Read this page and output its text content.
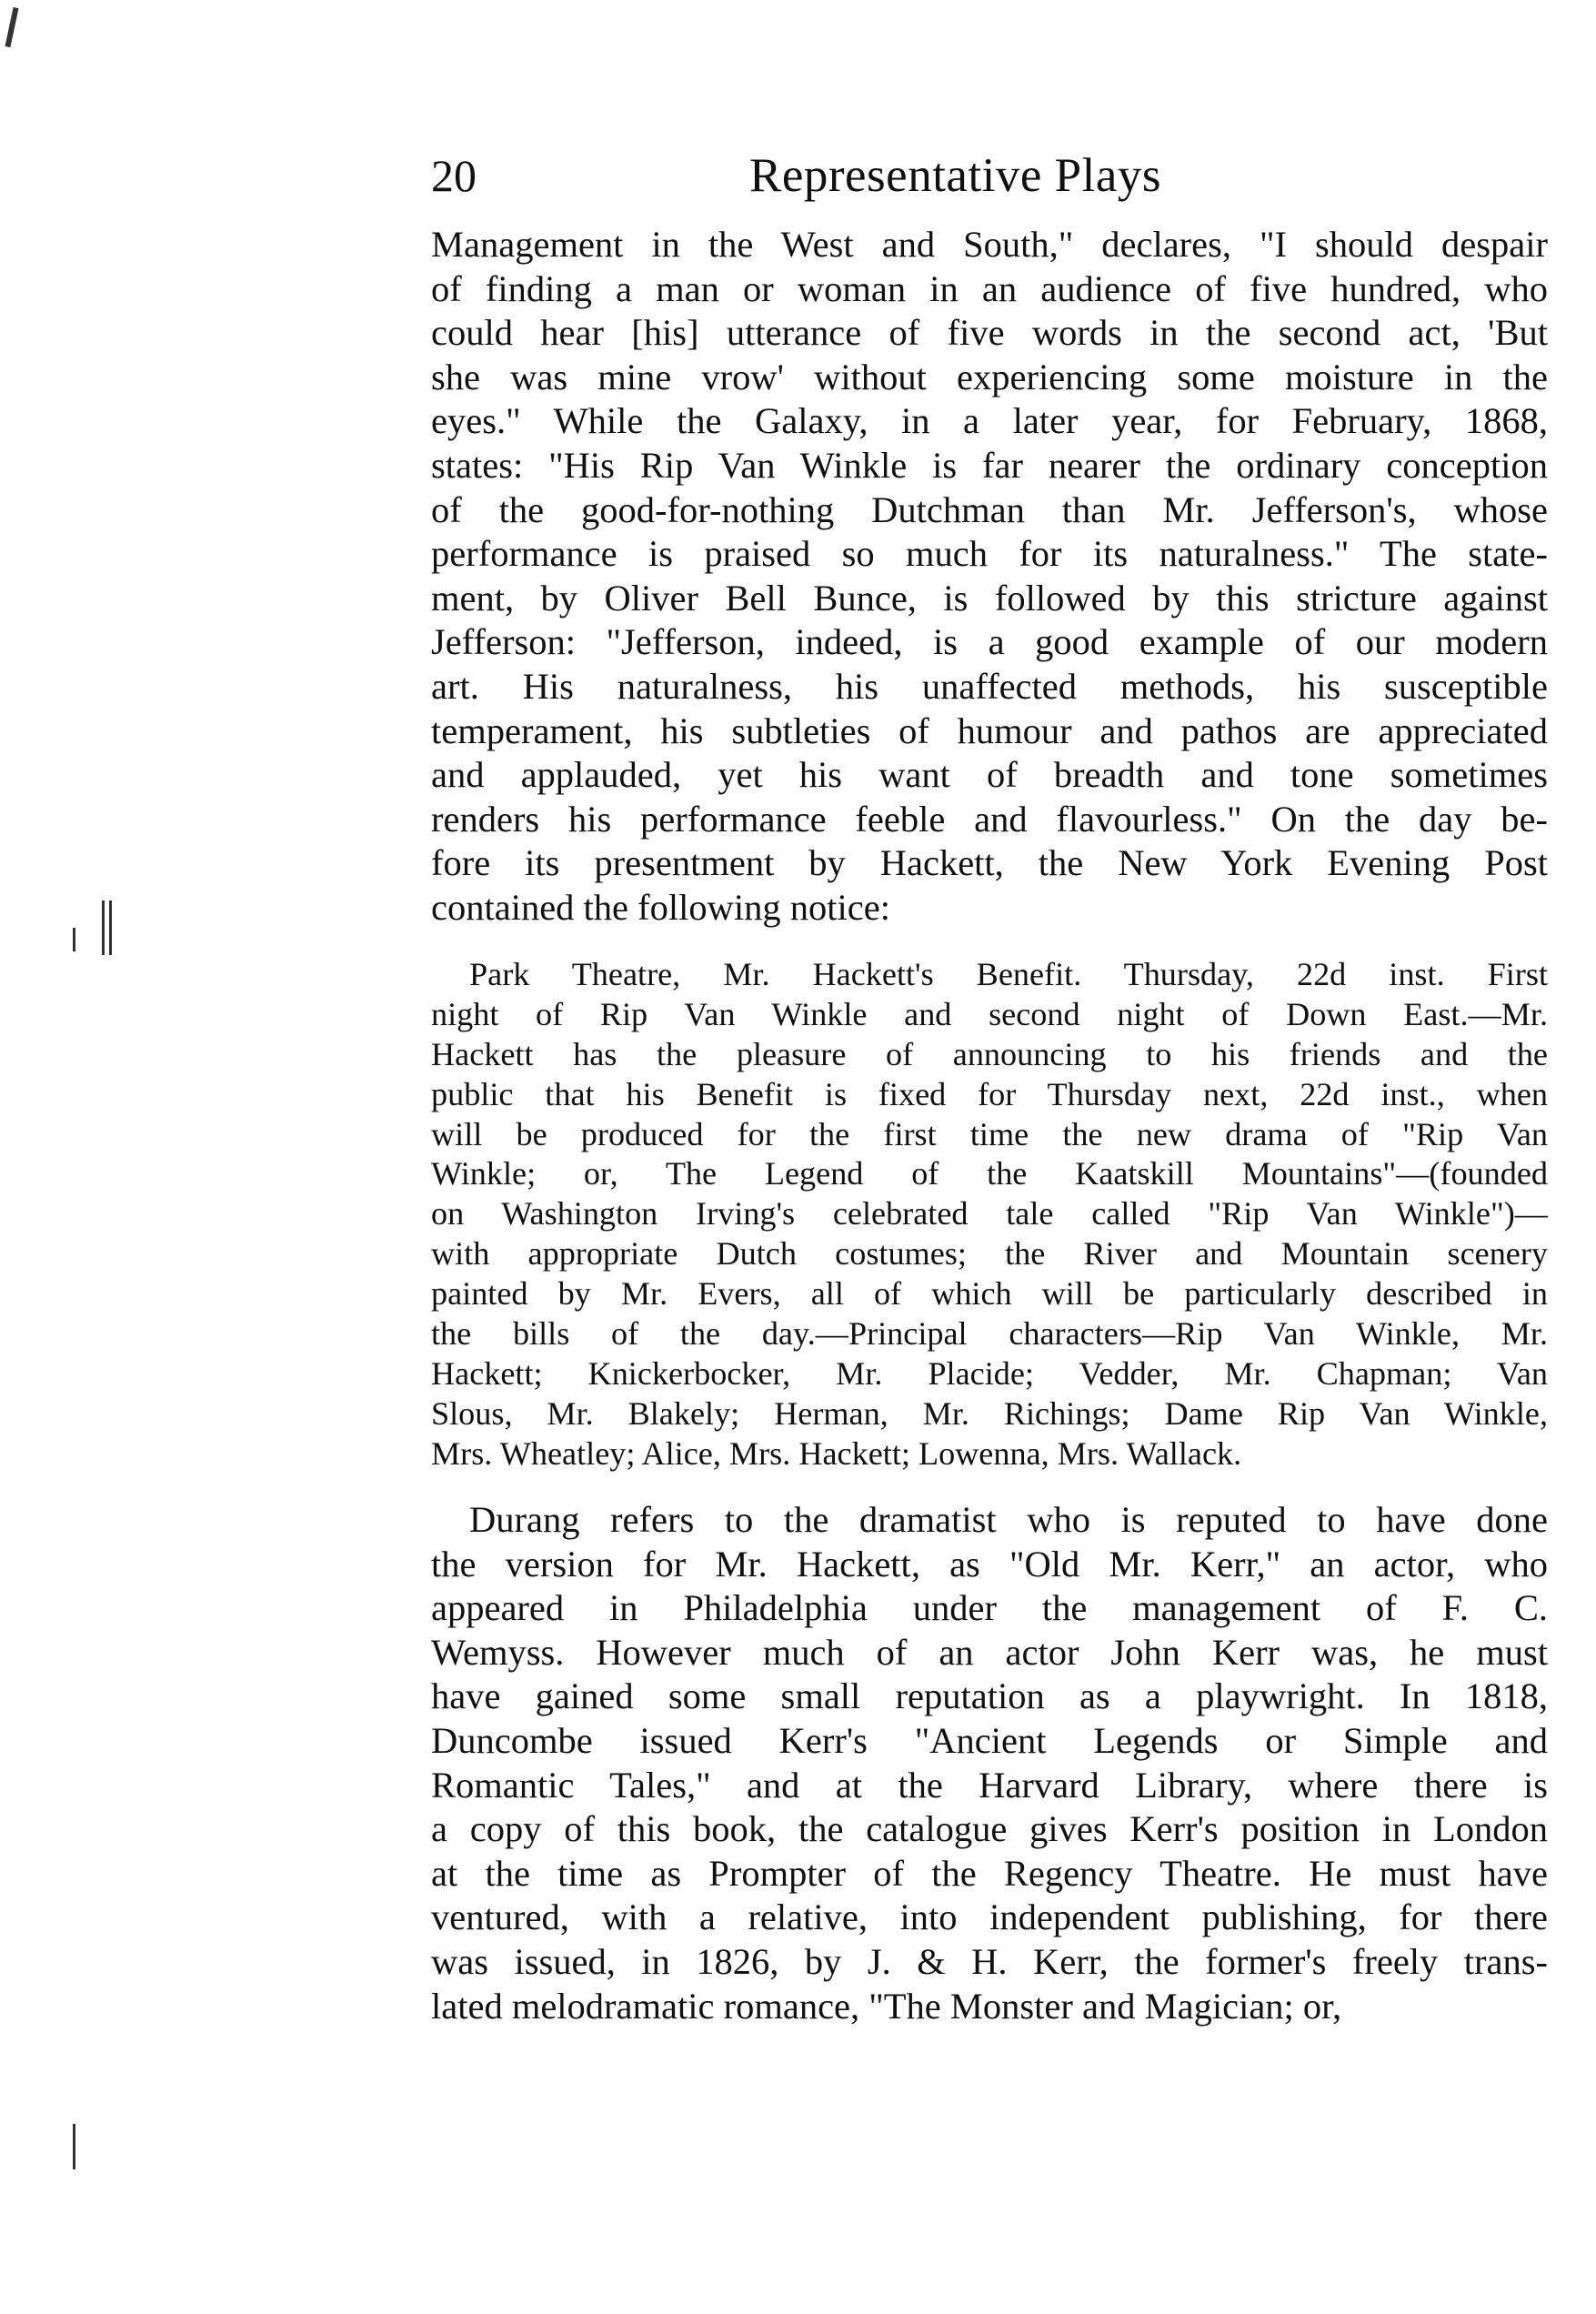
20	Representative Plays
Management in the West and South," declares, "I should despair
of finding a man or woman in an audience of five hundred, who
could hear [his] utterance of five words in the second act, 'But
she was mine vrow' without experiencing some moisture in the
eyes." While the Galaxy, in a later year, for February, 1868,
states: "His Rip Van Winkle is far nearer the ordinary conception
of the good-for-nothing Dutchman than Mr. Jefferson's, whose
performance is praised so much for its naturalness." The state-
ment, by Oliver Bell Bunce, is followed by this stricture against
Jefferson: "Jefferson, indeed, is a good example of our modern
art. His naturalness, his unaffected methods, his susceptible
temperament, his subtleties of humour and pathos are appreciated
and applauded, yet his want of breadth and tone sometimes
renders his performance feeble and flavourless." On the day be-
fore its presentment by Hackett, the New York Evening Post
contained the following notice:
Park Theatre, Mr. Hackett's Benefit. Thursday, 22d inst. First
night of Rip Van Winkle and second night of Down East.—Mr.
Hackett has the pleasure of announcing to his friends and the
public that his Benefit is fixed for Thursday next, 22d inst., when
will be produced for the first time the new drama of "Rip Van
Winkle; or, The Legend of the Kaatskill Mountains"—(founded
on Washington Irving's celebrated tale called "Rip Van Winkle")—
with appropriate Dutch costumes; the River and Mountain scenery
painted by Mr. Evers, all of which will be particularly described in
the bills of the day.—Principal characters—Rip Van Winkle, Mr.
Hackett; Knickerbocker, Mr. Placide; Vedder, Mr. Chapman; Van
Slous, Mr. Blakely; Herman, Mr. Richings; Dame Rip Van Winkle,
Mrs. Wheatley; Alice, Mrs. Hackett; Lowenna, Mrs. Wallack.
Durang refers to the dramatist who is reputed to have done
the version for Mr. Hackett, as "Old Mr. Kerr," an actor, who
appeared in Philadelphia under the management of F. C.
Wemyss. However much of an actor John Kerr was, he must
have gained some small reputation as a playwright. In 1818,
Duncombe issued Kerr's "Ancient Legends or Simple and
Romantic Tales," and at the Harvard Library, where there is
a copy of this book, the catalogue gives Kerr's position in London
at the time as Prompter of the Regency Theatre. He must have
ventured, with a relative, into independent publishing, for there
was issued, in 1826, by J. & H. Kerr, the former's freely trans-
lated melodramatic romance, "The Monster and Magician; or,
